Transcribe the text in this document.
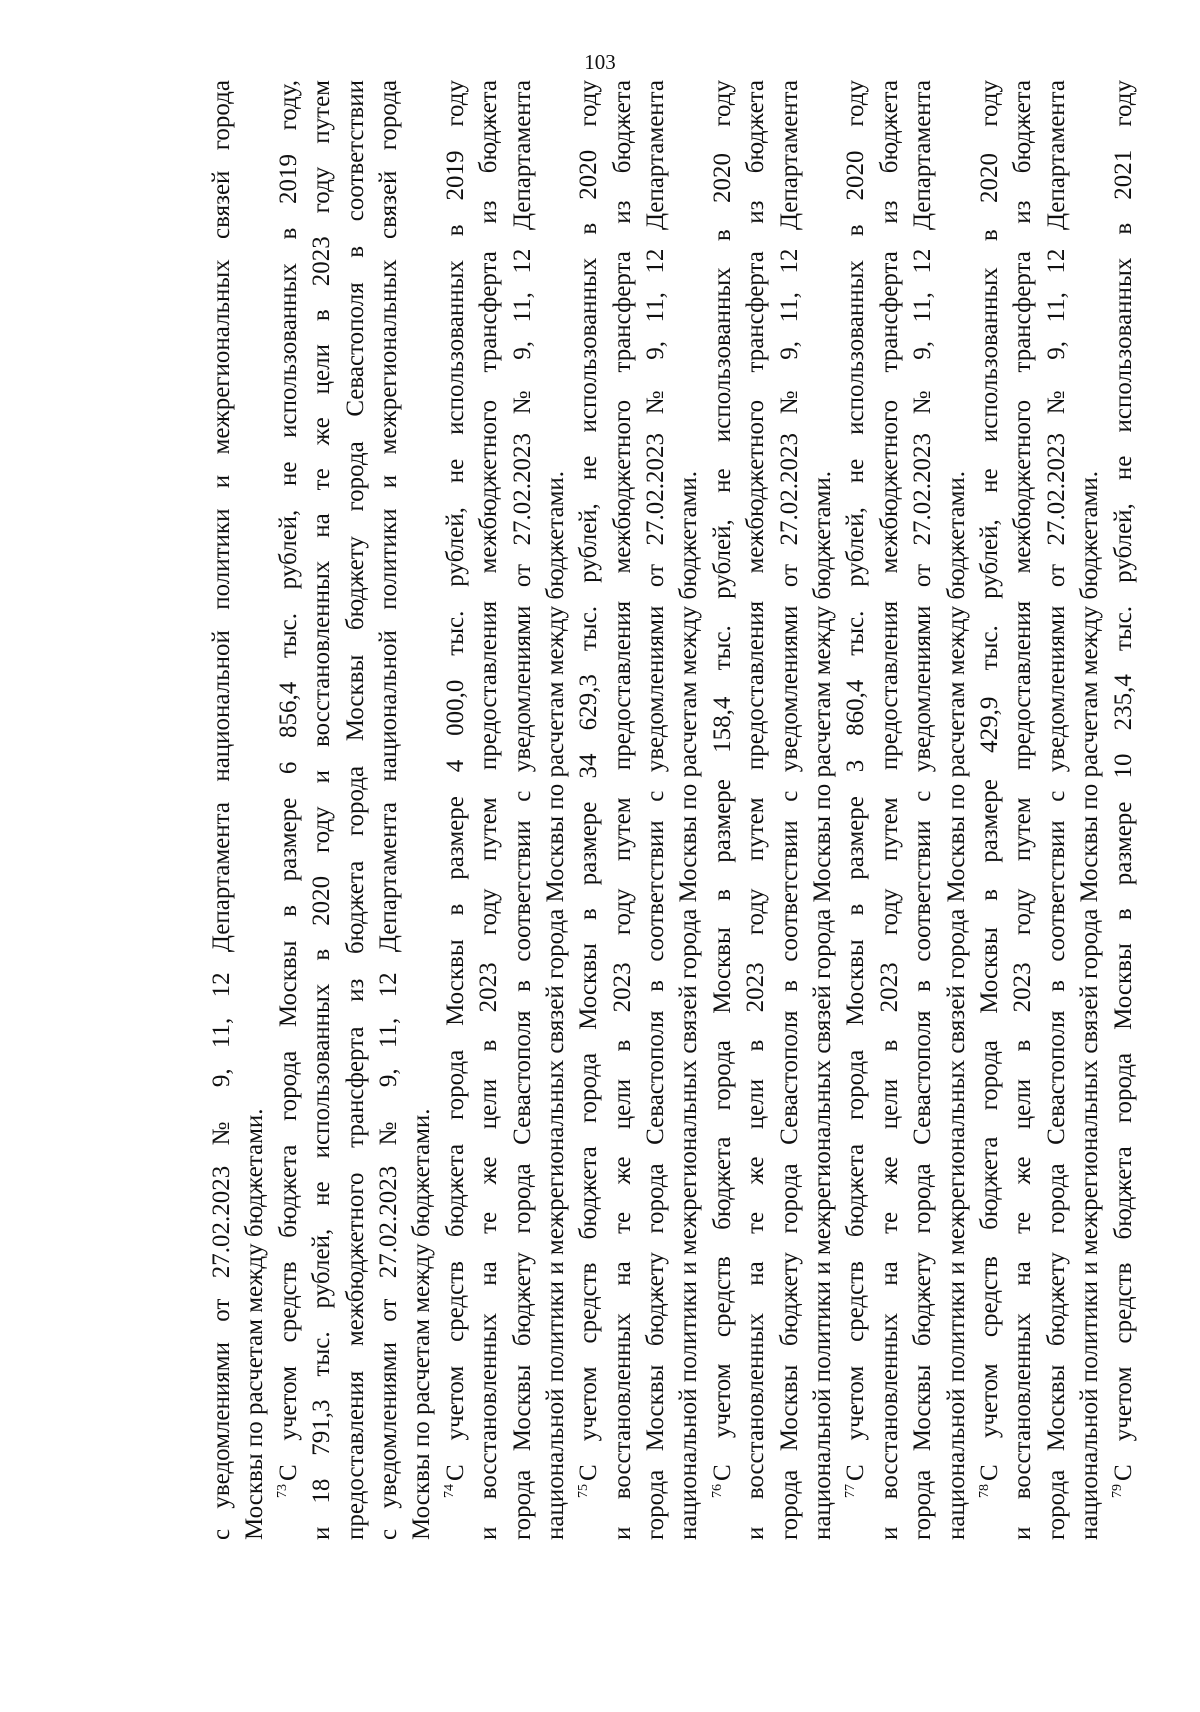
103
с уведомлениями от 27.02.2023 № 9, 11, 12 Департамента национальной политики и межрегиональных связей города Москвы по расчетам между бюджетами. $^{73}$С учетом средств бюджета города Москвы в размере 6 856,4 тыс. рублей, не использованных в 2019 году, и 18 791,3 тыс. рублей, не использованных в 2020 году и восстановленных на те же цели в 2023 году путем предоставления межбюджетного трансферта из бюджета города Москвы бюджету города Севастополя в соответствии с уведомлениями от 27.02.2023 № 9, 11, 12 Департамента национальной политики и межрегиональных связей города Москвы по расчетам между бюджетами. $^{74}$С учетом средств бюджета города Москвы в размере 4 000,0 тыс. рублей, не использованных в 2019 году и восстановленных на те же цели в 2023 году путем предоставления межбюджетного трансферта из бюджета города Москвы бюджету города Севастополя в соответствии с уведомлениями от 27.02.2023 № 9, 11, 12 Департамента национальной политики и межрегиональных связей города Москвы по расчетам между бюджетами. $^{75}$С учетом средств бюджета города Москвы в размере 34 629,3 тыс. рублей, не использованных в 2020 году и восстановленных на те же цели в 2023 году путем предоставления межбюджетного трансферта из бюджета города Москвы бюджету города Севастополя в соответствии с уведомлениями от 27.02.2023 № 9, 11, 12 Департамента национальной политики и межрегиональных связей города Москвы по расчетам между бюджетами. $^{76}$С учетом средств бюджета города Москвы в размере 158,4 тыс. рублей, не использованных в 2020 году и восстановленных на те же цели в 2023 году путем предоставления межбюджетного трансферта из бюджета города Москвы бюджету города Севастополя в соответствии с уведомлениями от 27.02.2023 № 9, 11, 12 Департамента национальной политики и межрегиональных связей города Москвы по расчетам между бюджетами. $^{77}$С учетом средств бюджета города Москвы в размере 3 860,4 тыс. рублей, не использованных в 2020 году и восстановленных на те же цели в 2023 году путем предоставления межбюджетного трансферта из бюджета города Москвы бюджету города Севастополя в соответствии с уведомлениями от 27.02.2023 № 9, 11, 12 Департамента национальной политики и межрегиональных связей города Москвы по расчетам между бюджетами. $^{78}$С учетом средств бюджета города Москвы в размере 429,9 тыс. рублей, не использованных в 2020 году и восстановленных на те же цели в 2023 году путем предоставления межбюджетного трансферта из бюджета города Москвы бюджету города Севастополя в соответствии с уведомлениями от 27.02.2023 № 9, 11, 12 Департамента национальной политики и межрегиональных связей города Москвы по расчетам между бюджетами. $^{79}$С учетом средств бюджета города Москвы в размере 10 235,4 тыс. рублей, не использованных в 2021 году
